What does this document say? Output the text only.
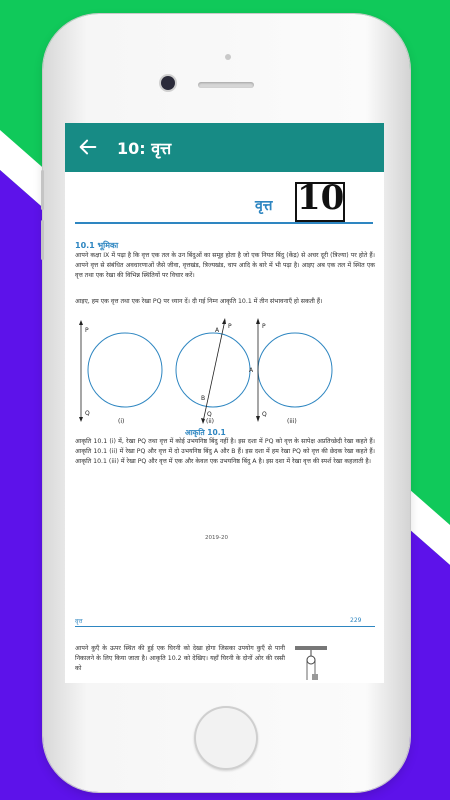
10: वृत्त
वृत्त 10
10.1 भूमिका
आपने कक्षा IX में पढ़ा है कि वृत्त एक तल के उन बिंदुओं का समूह होता है जो एक नियत बिंदु (केंद्र) से अचर दूरी (त्रिज्या) पर होते हैं। आपने वृत्त से संबंधित अवधारणाओं जैसे जीवा, वृत्तखंड, त्रिज्यखंड, चाप आदि के बारे में भी पढ़ा है। आइए अब एक तल में स्थित एक वृत्त तथा एक रेखा की विभिन्न स्थितियों पर विचार करें।
आइए, हम एक वृत्त तथा एक रेखा PQ पर ध्यान दें। दी गई निम्न आकृति 10.1 में तीन संभावनाएँ हो सकती हैं।
P
Q
(i)
P
A
B
Q
(ii)
P
A
Q
(iii)
आकृति 10.1
आकृति 10.1 (i) में, रेखा PQ तथा वृत्त में कोई उभयनिष्ठ बिंदु नहीं है। इस दशा में PQ को वृत्त के सापेक्ष अप्रतिच्छेदी रेखा कहते हैं। आकृति 10.1 (ii) में रेखा PQ और वृत्त में दो उभयनिष्ठ बिंदु A और B हैं। इस दशा में हम रेखा PQ को वृत्त की छेदक रेखा कहते हैं। आकृति 10.1 (iii) में रेखा PQ और वृत्त में एक और केवल एक उभयनिष्ठ बिंदु A है। इस दशा में रेखा वृत्त की स्पर्श रेखा कहलाती है।
2019-20
वृत्त	229
आपने कुएँ के ऊपर स्थित की हुई एक घिरनी को देखा होगा जिसका उपयोग कुएँ से पानी निकालने के लिए किया जाता है। आकृति 10.2 को देखिए। यहाँ घिरनी के दोनों ओर की रस्सी को
